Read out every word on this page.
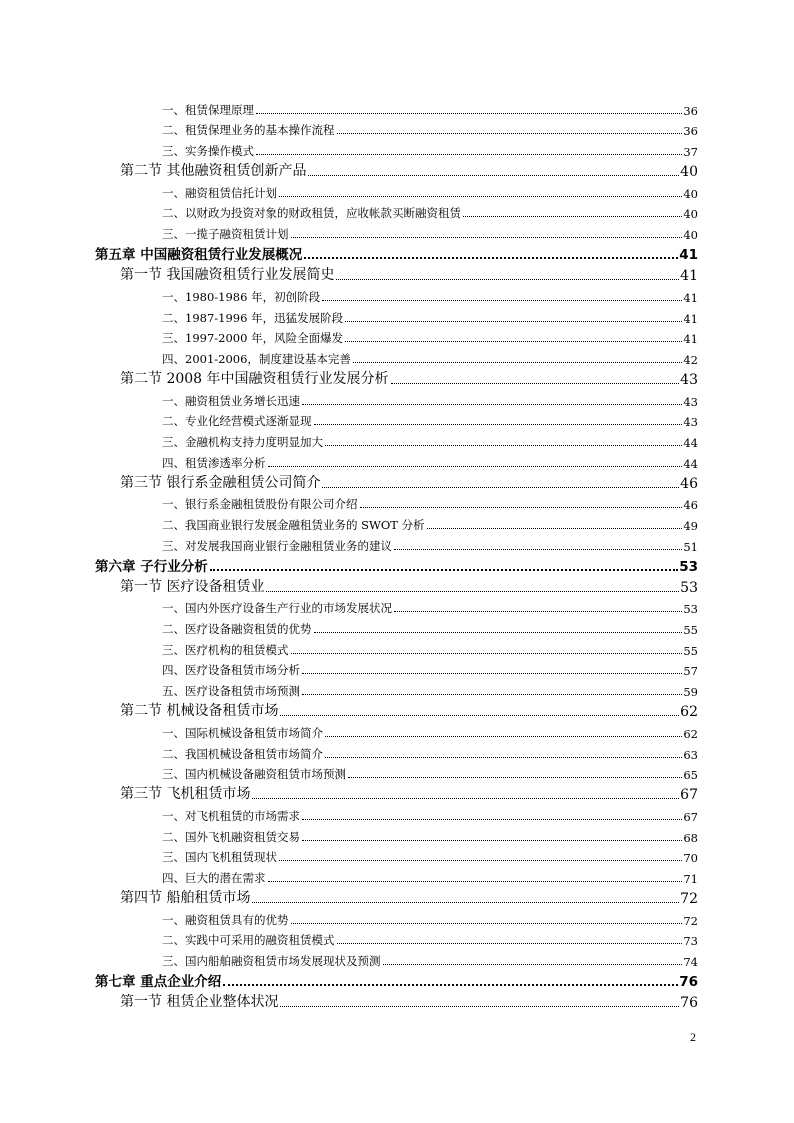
一、租赁保理原理	36
二、租赁保理业务的基本操作流程	36
三、实务操作模式	37
第二节 其他融资租赁创新产品	40
一、融资租赁信托计划	40
二、以财政为投资对象的财政租赁，应收帐款买断融资租赁	40
三、一揽子融资租赁计划	40
第五章 中国融资租赁行业发展概况	41
第一节 我国融资租赁行业发展简史	41
一、1980-1986 年，初创阶段	41
二、1987-1996 年，迅猛发展阶段	41
三、1997-2000 年，风险全面爆发	41
四、2001-2006，制度建设基本完善	42
第二节 2008 年中国融资租赁行业发展分析	43
一、融资租赁业务增长迅速	43
二、专业化经营模式逐渐显现	43
三、金融机构支持力度明显加大	44
四、租赁渗透率分析	44
第三节 银行系金融租赁公司简介	46
一、银行系金融租赁股份有限公司介绍	46
二、我国商业银行发展金融租赁业务的 SWOT 分析	49
三、对发展我国商业银行金融租赁业务的建议	51
第六章 子行业分析	53
第一节 医疗设备租赁业	53
一、国内外医疗设备生产行业的市场发展状况	53
二、医疗设备融资租赁的优势	55
三、医疗机构的租赁模式	55
四、医疗设备租赁市场分析	57
五、医疗设备租赁市场预测	59
第二节 机械设备租赁市场	62
一、国际机械设备租赁市场简介	62
二、我国机械设备租赁市场简介	63
三、国内机械设备融资租赁市场预测	65
第三节 飞机租赁市场	67
一、对飞机租赁的市场需求	67
二、国外飞机融资租赁交易	68
三、国内飞机租赁现状	70
四、巨大的潜在需求	71
第四节 船舶租赁市场	72
一、融资租赁具有的优势	72
二、实践中可采用的融资租赁模式	73
三、国内船舶融资租赁市场发展现状及预测	74
第七章 重点企业介绍	76
第一节 租赁企业整体状况	76
2
